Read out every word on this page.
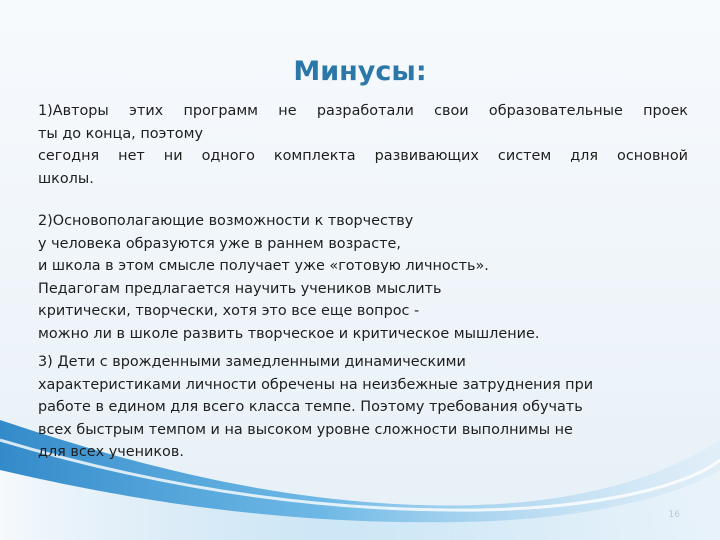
Минусы:

1)Авторы этих программ не разработали свои образовательные проек
ты до конца, поэтому
сегодня нет ни одного комплекта развивающих систем для основной
школы.

2)Основополагающие возможности к творчеству
у человека образуются уже в раннем возрасте,
и школа в этом смысле получает уже «готовую личность».
Педагогам предлагается научить учеников мыслить
критически, творчески, хотя это все еще вопрос -
можно ли в школе развить творческое и критическое мышление.

3) Дети с врожденными замедленными динамическими
характеристиками личности обречены на неизбежные затруднения при
работе в едином для всего класса темпе. Поэтому требования обучать
всех быстрым темпом и на высоком уровне сложности выполнимы не
для всех учеников.

16
